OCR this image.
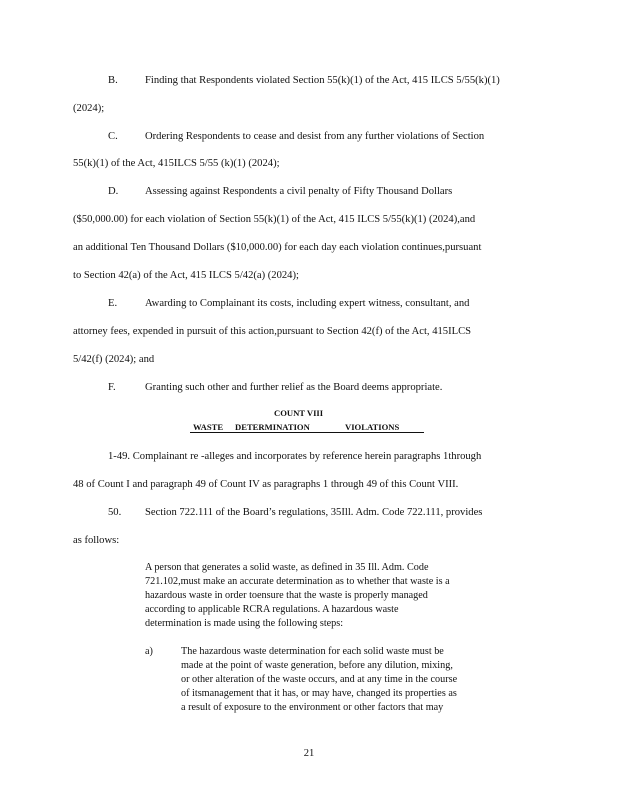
B.	Finding that Respondents violated Section 55(k)(1) of the Act, 415 ILCS 5/55(k)(1)
(2024);
C.	Ordering Respondents to cease and desist from any further violations of Section
55(k)(1) of the Act, 415ILCS 5/55 (k)(1) (2024);
D.	Assessing against Respondents a civil penalty of Fifty Thousand Dollars
($50,000.00) for each violation of Section 55(k)(1) of the Act, 415 ILCS 5/55(k)(1) (2024),and
an additional Ten Thousand Dollars ($10,000.00) for each day each violation continues,pursuant
to Section 42(a) of the Act, 415 ILCS 5/42(a) (2024);
E.	Awarding to Complainant its costs, including expert witness, consultant, and
attorney fees, expended in pursuit of this action,pursuant to Section 42(f) of the Act, 415ILCS
5/42(f) (2024); and
F.	Granting such other and further relief as the Board deems appropriate.
COUNT VIII
WASTE DETERMINATION	VIOLATIONS
1-49. Complainant re -alleges and incorporates by reference herein paragraphs 1through
48 of Count I and paragraph 49 of Count IV as paragraphs 1 through 49 of this Count VIII.
50. Section 722.111 of the Board’s regulations, 35Ill. Adm. Code 722.111, provides
as follows:
A person that generates a solid waste, as defined in 35 Ill. Adm. Code
721.102,must make an accurate determination as to whether that waste is a
hazardous waste in order toensure that the waste is properly managed
according to applicable RCRA regulations. A hazardous waste
determination is made using the following steps:
a)	The hazardous waste determination for each solid waste must be
made at the point of waste generation, before any dilution, mixing,
or other alteration of the waste occurs, and at any time in the course
of itsmanagement that it has, or may have, changed its properties as
a result of exposure to the environment or other factors that may
21
